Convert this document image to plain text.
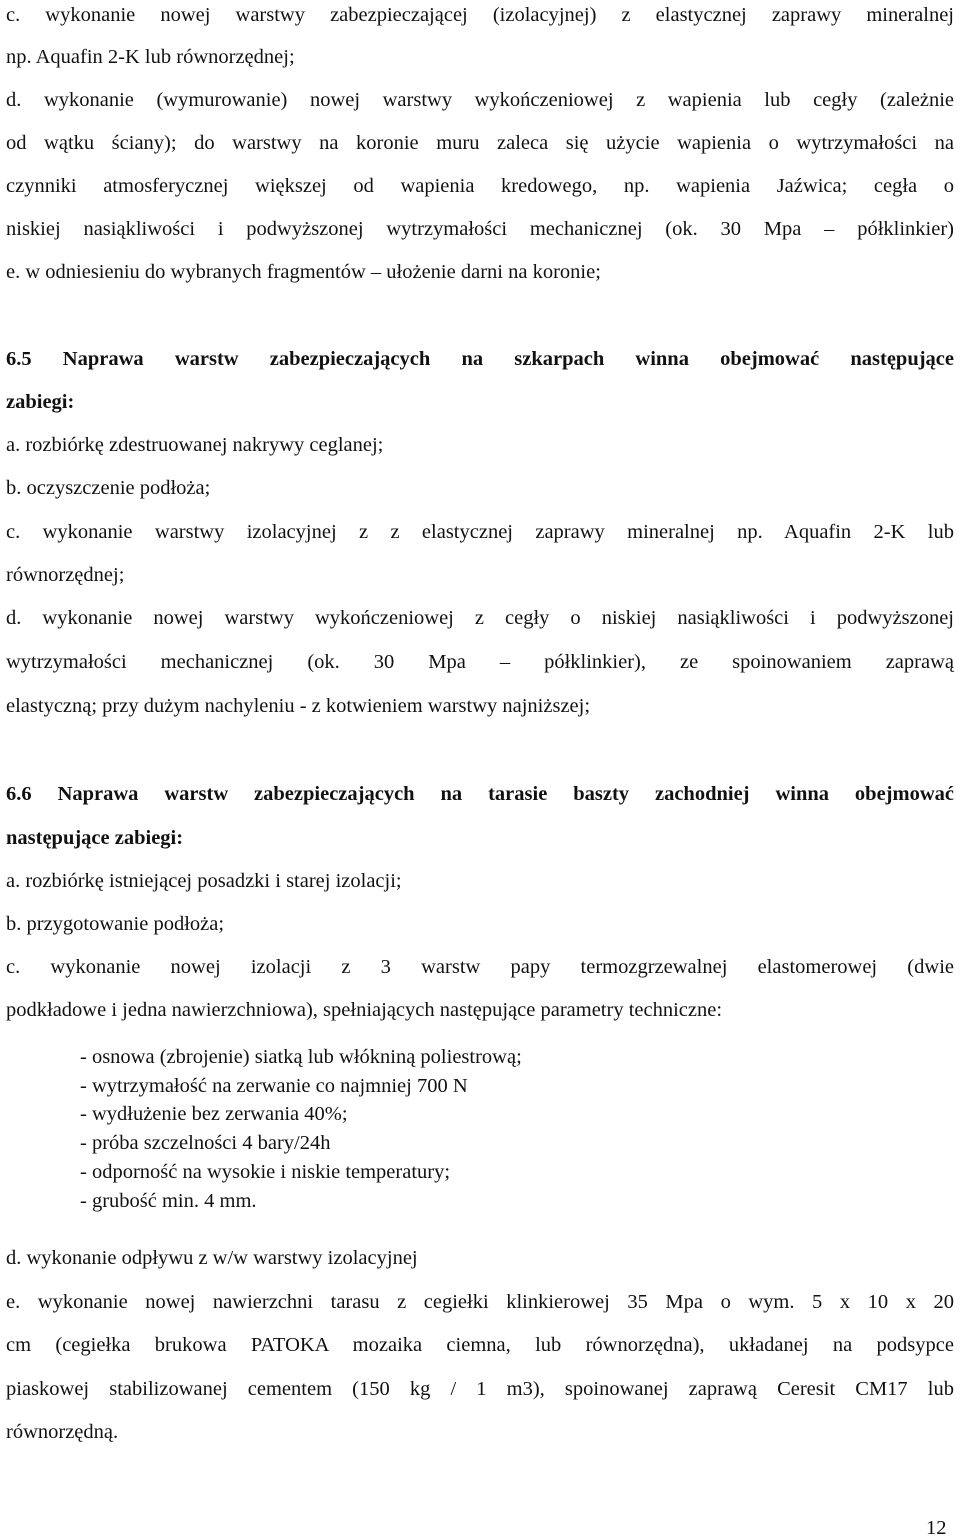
c. wykonanie nowej warstwy zabezpieczającej (izolacyjnej) z elastycznej zaprawy mineralnej

np. Aquafin 2-K lub równorzędnej;

d. wykonanie (wymurowanie) nowej warstwy wykończeniowej z wapienia lub cegły (zależnie

od wątku ściany); do warstwy na koronie muru zaleca się użycie wapienia o wytrzymałości na

czynniki atmosferycznej większej od wapienia kredowego, np. wapienia Jaźwica; cegła o

niskiej nasiąkliwości i podwyższonej wytrzymałości mechanicznej (ok. 30 Mpa – półklinkier)

e. w odniesieniu do wybranych fragmentów – ułożenie darni na koronie;

6.5 Naprawa warstw zabezpieczających na szkarpach winna obejmować następujące

zabiegi:

a. rozbiórkę zdestruowanej nakrywy ceglanej;

b. oczyszczenie podłoża;

c. wykonanie warstwy izolacyjnej z z elastycznej zaprawy mineralnej np. Aquafin 2-K lub

równorzędnej;

d. wykonanie nowej warstwy wykończeniowej z cegły o niskiej nasiąkliwości i podwyższonej

wytrzymałości mechanicznej (ok. 30 Mpa – półklinkier), ze spoinowaniem zaprawą

elastyczną; przy dużym nachyleniu - z kotwieniem warstwy najniższej;

6.6 Naprawa warstw zabezpieczających na tarasie baszty zachodniej winna obejmować

następujące zabiegi:

a. rozbiórkę istniejącej posadzki i starej izolacji;

b. przygotowanie podłoża;

c. wykonanie nowej izolacji z 3 warstw papy termozgrzewalnej elastomerowej (dwie

podkładowe i jedna nawierzchniowa), spełniających następujące parametry techniczne:

- osnowa (zbrojenie) siatką lub włókniną poliestrową;

- wytrzymałość na zerwanie co najmniej 700 N

- wydłużenie bez zerwania 40%;

- próba szczelności 4 bary/24h

- odporność na wysokie i niskie temperatury;

- grubość min. 4 mm.

d. wykonanie odpływu z w/w warstwy izolacyjnej

e. wykonanie nowej nawierzchni tarasu z cegiełki klinkierowej 35 Mpa o wym. 5 x 10 x 20

cm (cegiełka brukowa PATOKA mozaika ciemna, lub równorzędna), układanej na podsypce

piaskowej stabilizowanej cementem (150 kg / 1 m3), spoinowanej zaprawą Ceresit CM17 lub

równorzędną.

12
